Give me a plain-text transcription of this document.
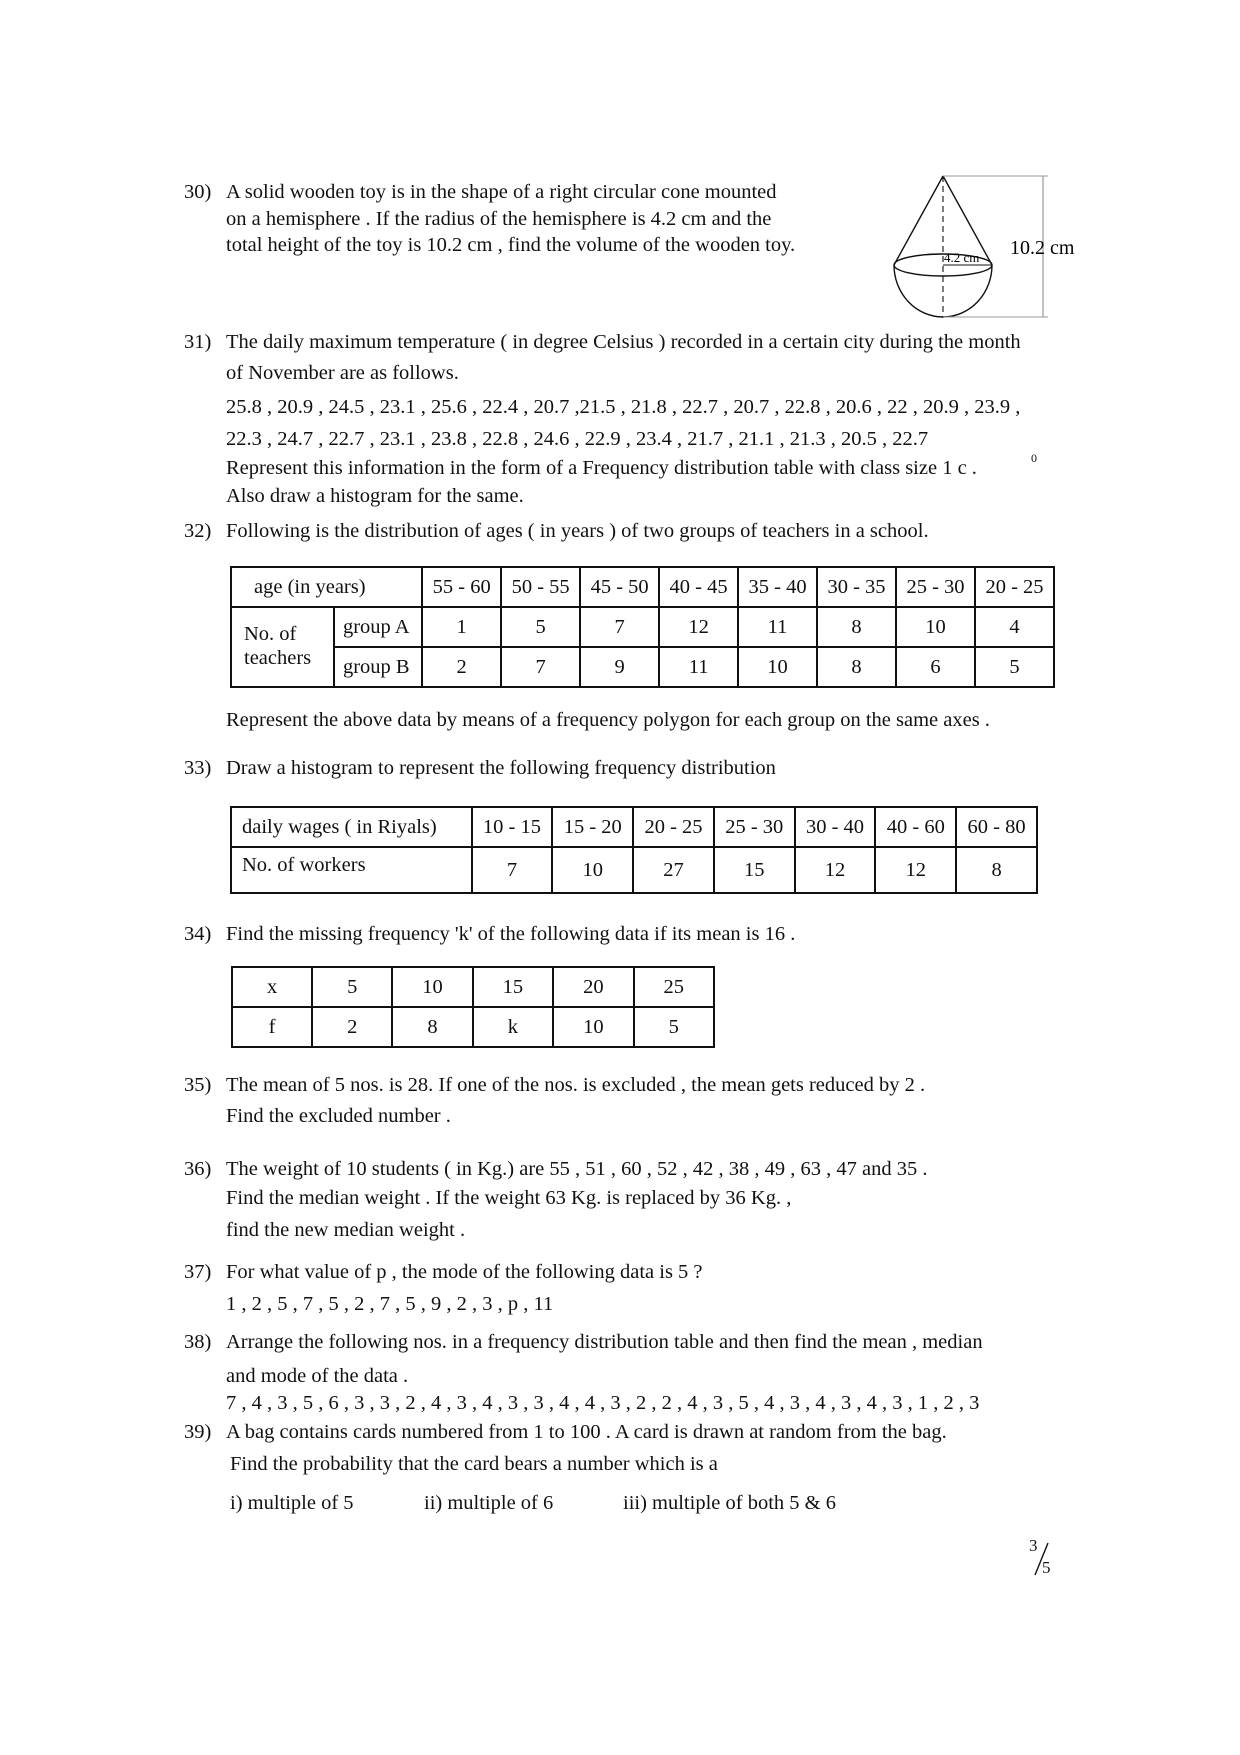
30) A solid wooden toy is in the shape of a right circular cone mounted
on a hemisphere . If the radius of the hemisphere is 4.2 cm and the
total height of the toy is 10.2 cm , find the volume of the wooden toy.
4.2 cm 10.2 cm
31) The daily maximum temperature ( in degree Celsius ) recorded in a certain city during the month
of November are as follows.
25.8 , 20.9 , 24.5 , 23.1 , 25.6 , 22.4 , 20.7 ,21.5 , 21.8 , 22.7 , 20.7 , 22.8 , 20.6 , 22 , 20.9 , 23.9 ,
22.3 , 24.7 , 22.7 , 23.1 , 23.8 , 22.8 , 24.6 , 22.9 , 23.4 , 21.7 , 21.1 , 21.3 , 20.5 , 22.7
Represent this information in the form of a Frequency distribution table with class size 1 c .	0
Also draw a histogram for the same.
32) Following is the distribution of ages ( in years ) of two groups of teachers in a school.
age (in years)		55 - 60	50 - 55	45 - 50	40 - 45	35 - 40	30 - 35	25 - 30	20 - 25

No. of
teachers	group A	1	5	7	12	11	8	10	4
	group B	2	7	9	11	10	8	6	5
Represent the above data by means of a frequency polygon for each group on the same axes .
33) Draw a histogram to represent the following frequency distribution
daily wages ( in Riyals)	10 - 15	15 - 20	20 - 25	25 - 30	30 - 40	40 - 60	60 - 80
No. of workers	7	10	27	15	12	12	8
34) Find the missing frequency 'k' of the following data if its mean is 16 .
x	5	10	15	20	25
f	2	8	k	10	5
35) The mean of 5 nos. is 28. If one of the nos. is excluded , the mean gets reduced by 2 .
Find the excluded number .
36) The weight of 10 students ( in Kg.) are 55 , 51 , 60 , 52 , 42 , 38 , 49 , 63 , 47 and 35 .
Find the median weight . If the weight 63 Kg. is replaced by 36 Kg. ,
find the new median weight .
37) For what value of p , the mode of the following data is 5 ?
1 , 2 , 5 , 7 , 5 , 2 , 7 , 5 , 9 , 2 , 3 , p , 11
38) Arrange the following nos. in a frequency distribution table and then find the mean , median
and mode of the data .
7 , 4 , 3 , 5 , 6 , 3 , 3 , 2 , 4 , 3 , 4 , 3 , 3 , 4 , 4 , 3 , 2 , 2 , 4 , 3 , 5 , 4 , 3 , 4 , 3 , 4 , 3 , 1 , 2 , 3
39) A bag contains cards numbered from 1 to 100 . A card is drawn at random from the bag.
Find the probability that the card bears a number which is a
i) multiple of 5	ii) multiple of 6	iii) multiple of both 5 & 6
3
5
